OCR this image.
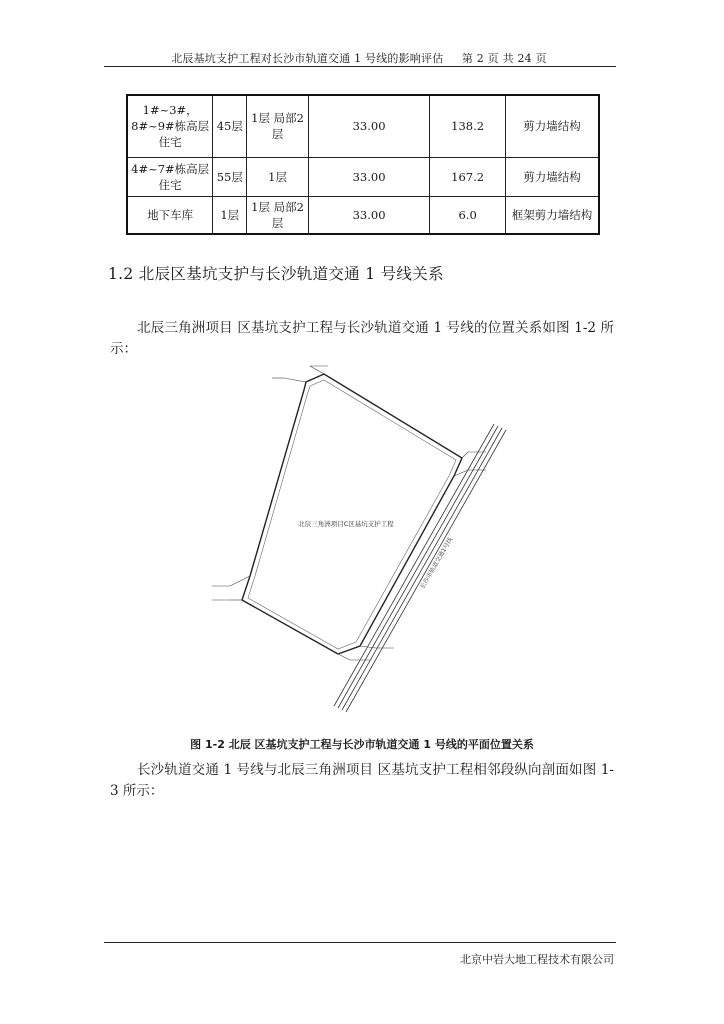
北辰基坑支护工程对长沙市轨道交通 1 号线的影响评估 第 2 页 共 24 页
1#~3#，8#~9#栋高层住宅	45层	1层 局部2层	33.00	138.2	剪力墙结构
4#~7#栋高层住宅	55层	1层	33.00	167.2	剪力墙结构
地下车库	1层	1层 局部2层	33.00	6.0	框架剪力墙结构
1.2 北辰区基坑支护与长沙轨道交通 1 号线关系
北辰三角洲项目 区基坑支护工程与长沙轨道交通 1 号线的位置关系如图 1-2 所示：
北辰三角洲项目C区基坑支护工程
长沙市轨道交通1号线
图 1-2 北辰 区基坑支护工程与长沙市轨道交通 1 号线的平面位置关系
长沙轨道交通 1 号线与北辰三角洲项目 区基坑支护工程相邻段纵向剖面如图 1-3 所示：
北京中岩大地工程技术有限公司
